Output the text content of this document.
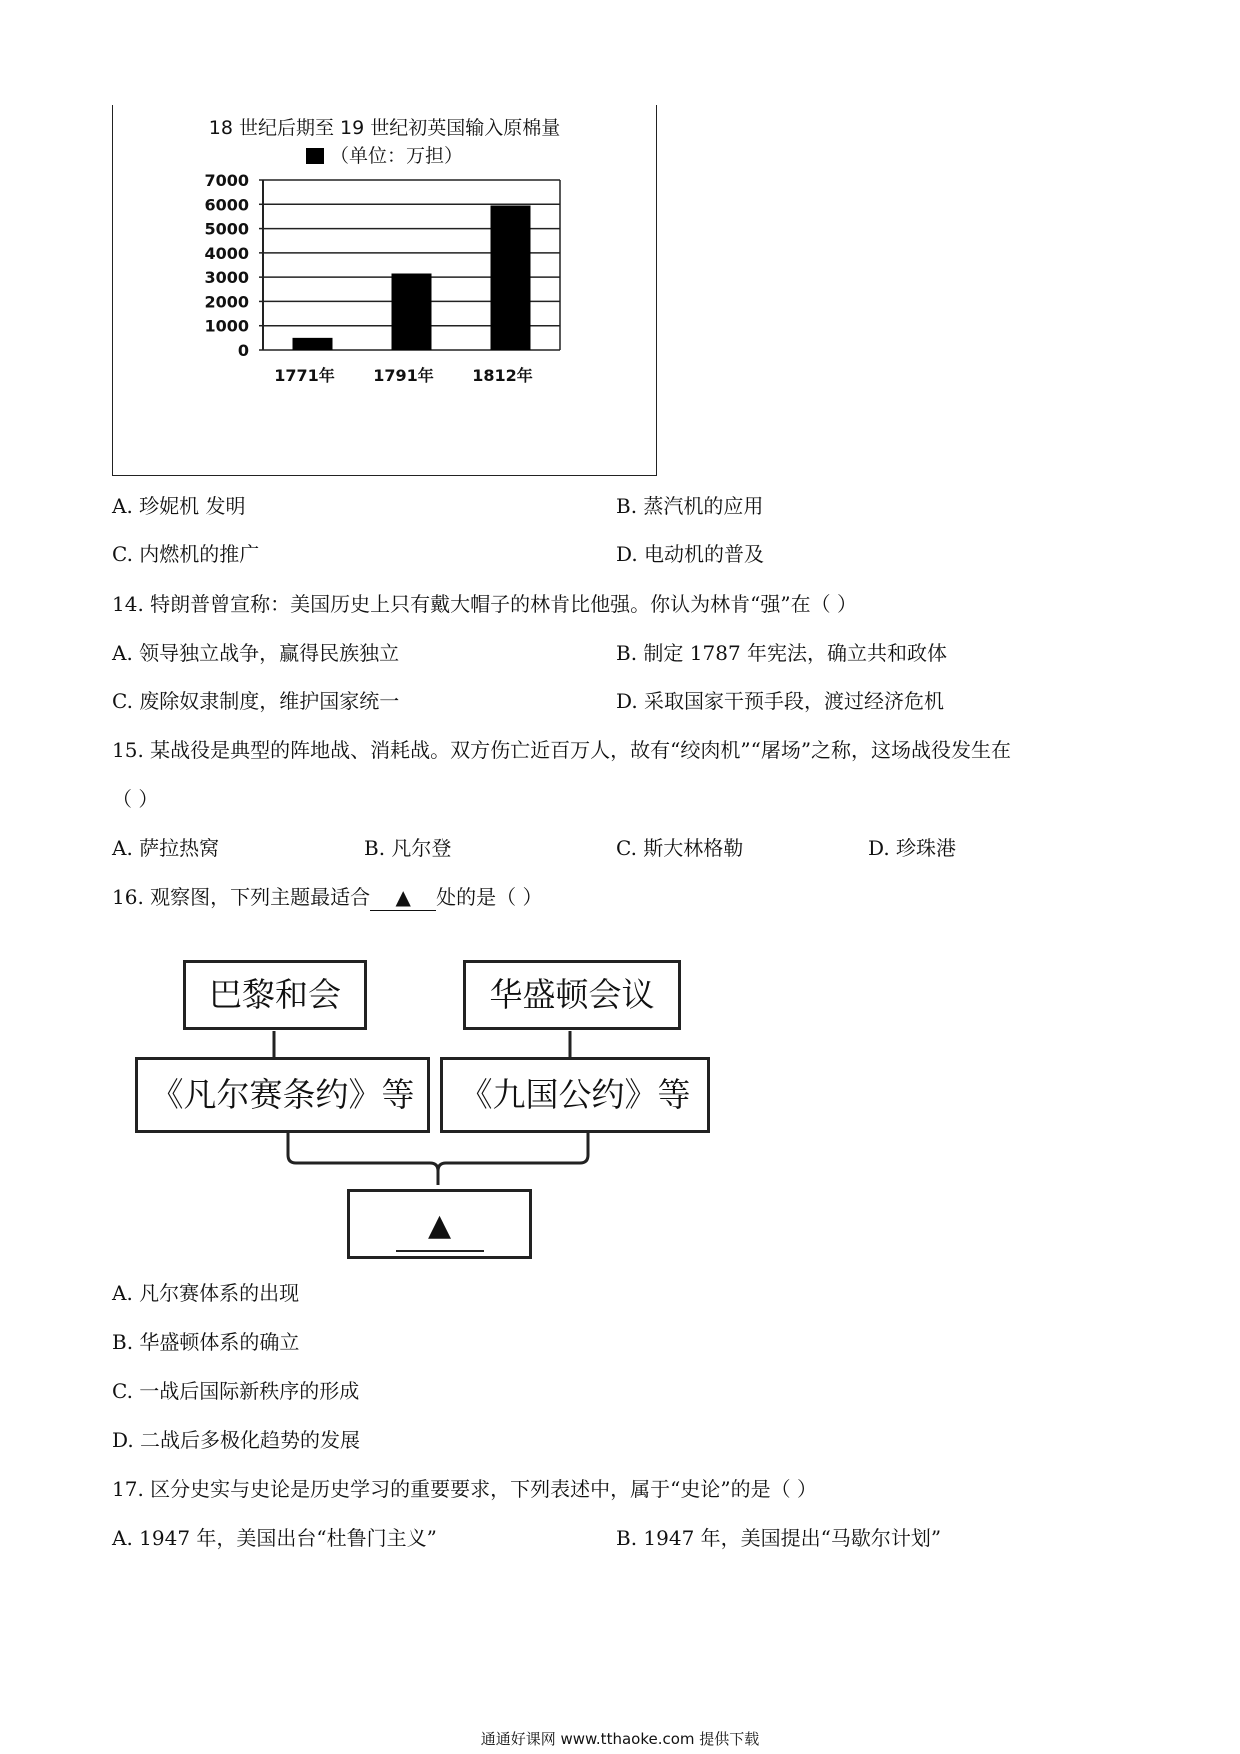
18 世纪后期至 19 世纪初英国输入原棉量
（单位：万担）
0
1000
2000
3000
4000
5000
6000
7000
1771年 1791年 1812年
A. 珍妮机 发明	B. 蒸汽机的应用
C. 内燃机的推广	D. 电动机的普及
14. 特朗普曾宣称：美国历史上只有戴大帽子的林肯比他强。你认为林肯“强”在（ ）
A. 领导独立战争，赢得民族独立	B. 制定 1787 年宪法，确立共和政体
C. 废除奴隶制度，维护国家统一	D. 采取国家干预手段，渡过经济危机
15. 某战役是典型的阵地战、消耗战。双方伤亡近百万人，故有“绞肉机”“屠场”之称，这场战役发生在
（ ）
A. 萨拉热窝	B. 凡尔登	C. 斯大林格勒	D. 珍珠港
16. 观察图，下列主题最适合 ▲ 处的是（ ）
巴黎和会	华盛顿会议
《凡尔赛条约》等	《九国公约》等
▲
A. 凡尔赛体系的出现
B. 华盛顿体系的确立
C. 一战后国际新秩序的形成
D. 二战后多极化趋势的发展
17. 区分史实与史论是历史学习的重要要求，下列表述中，属于“史论”的是（ ）
A. 1947 年，美国出台“杜鲁门主义”	B. 1947 年，美国提出“马歇尔计划”
通通好课网 www.tthaoke.com 提供下载
